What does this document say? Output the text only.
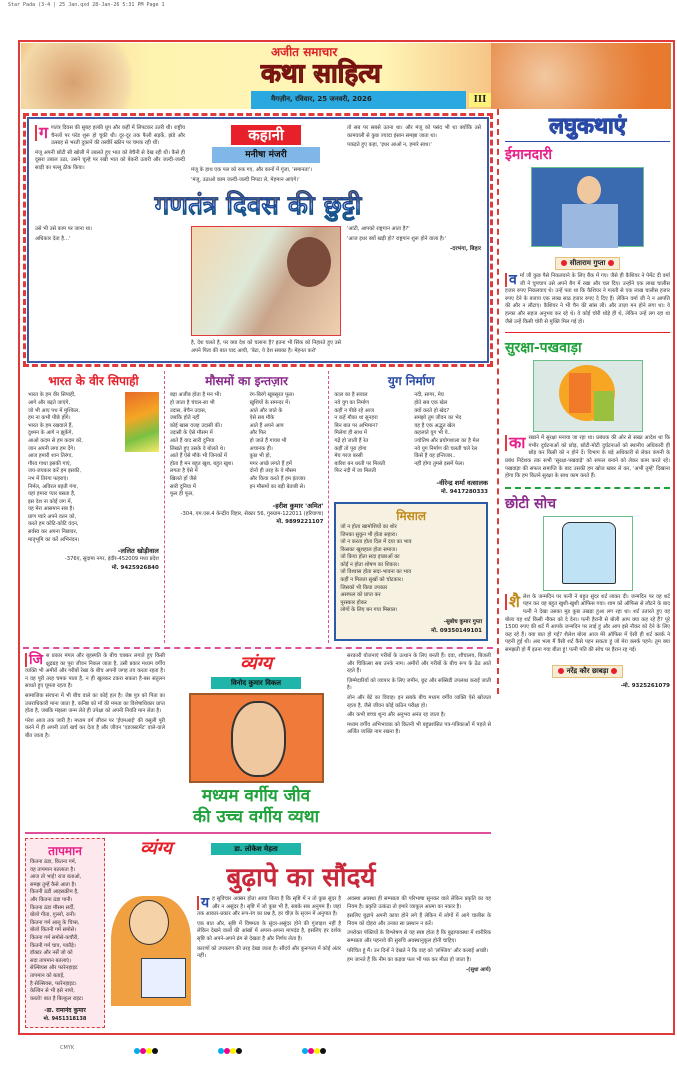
Star Pada (3-4 | 25 Jan.qxd 28-Jan-26 5:31 PM Page 1
अजीत समाचार
कथा साहित्य
मैगज़ीन, रविवार, 25 जनवरी, 2026	III

ग णतंत्र दिवस की सुबह हल्की धूप और कहीं में लिपटकर उतरी थी। राष्ट्रीय चैनलों पर परेड शुरू हो चुकी थी। दूर-दूर तक फैली सड़कें, झंडे और उत्साह से भरती दुकानें की तस्वीरें स्क्रीन पर चमक रही थीं।

मंजू अपनी छोटी सी खोली में उबलते हुए भात को बेचैनी से देख रही थी। कैसे ही दूसरा उबाल उठा, उसने चूल्हे पर रखी भात को बेकरी उतारी और जल्दी-जल्दी साड़ी का पल्लू ठीक किया।

कहानी
मनीषा मंजरी

मंजू के हाथ एक पल को रुक गए, और कानों में गूंजा, 'समानता'।

'मंजू, उठाओ काम जल्दी-जल्दी निपटा ले, मेहमान आएंगे।'

तो सब पर सबसे उतना था। और मंजू को पसंद भी था क्योंकि उसे कामवाली से कुछ ज्यादा इंसान समझा जाता था।

पकड़ते हुए कहा, 'इधर आओ न, हमारे साथ।'

गणतंत्र दिवस की छुट्टी

उसे भी उसे काम पर जाना था।

अधिकार देता है...'

है, देश चलते है, पर क्या देश को चलाना है? इतना भी सिंक को निहारते हुए उसे अपने पिता की बात याद आयी, 'बेटा, ये देश सबका है। मेहनत करो'

'आंटी, आपको राष्ट्रगान आता है?'

'आज इधर क्यों खड़ी हो? राष्ट्रगान शुरू होने वाला है।'

-दरभंगा, बिहार
भारत के वीर सिपाही
भारत के हम वीर सिपाही,
आगे और बढ़ते जाएंगे,
जो भी आए पथ में मुश्किल,
हम ना कभी पीछे होंगे।
भारत के हम रखवाले हैं,
दुश्मन के आगे न झुकेंगे,
आओ कदम से हम कदम को,
जान अपनी लगा हम देंगे।
आज हमारी शान तिरंगा,
गौरव गाथा इसकी गाएं,
जय-जयकार करें हम इसकी,
नभ में तिरंगा फहराएं।
निर्मल, अविरल बहती गंगा,
यहां हमारा प्यार बसता है,
इस देश ना कोई जग में,
यह मेरा आसमान सब है।
प्राण प्यारे अपने वतन को,
करते हम कोटि-कोटि वंदन,
सर्वस्व कर अपना निछावर,
मातृभूमि का करें अभिनंदन।
-ललित खोड़ीवाल
-376ए, सुदामा नगर, इंदौर-452009 मध्य प्रदेश
मो. 9425926840
मौसमों का इन्तज़ार
बड़ा अजीब होता है मन भी।
हो जाता है चंचल-सा भी
उदास, बेचैन उदास,
जबकि होते नहीं
कोई खास वजह उदासी की।
उदासी के ऐसे मौसम में
आते हैं याद सारी दुनिया
लिखते हुए उसके वे बोलते थे।
आते हैं ऐसे मौके भी जिनकों में
होता है मन बहुत खुश, बहुत खुश।
लगता है ऐसे में
खिलते हों जैसे
सारी दुनिया में
फूल ही फूल,
रंग-बिरंगे खूबसूरत फूल।
खुशियों के समन्दर में।
आते और जाते के
ऐसे सब मौके
आते हैं अपने आप
और फिर
हो जाते हैं गायब भी
अचानक ही।
कुछ भी हो,
मगर अच्छे लगते हैं हमें
दोनों ही तरह के ये मौसम
और किया करते हैं हम इंतजार
इन मौसमों का बड़ी बेताबी से।
-हरीश कुमार 'अमित'
-304, एम.एस.4 केन्द्रीय विहार, सेक्टर 56, गुरुग्राम-122011 (हरियाणा)
मो. 9899221107
युग निर्माण
काल का है सवाल
नये युग का निर्माण
कहीं न पीछे रहे आज
न कहें मौका था सुनहरा
बिन बात पर अभिमान?
मिलेगा ही साथ में
गढ़ें हो जाती हैं रेत
कहीं तो पूरा होगा
मेघ गरज बरसी
बारिश बन धरती पर मिलती
फिर नदी में जा मिलती
नदी, सागर, मेघ
होते सब एक खेल
क्यों करते हो खेद?
समझो तुम जीवन का भेद
यह है एक अद्भुत खेल
कहलाते युग भी ये..
ज्योतिष और प्रयोगशाला का है मेल
नये युग निर्माण की चलती चले रेल
किसे है यह इन्तिजार..
नहीं होगा तुमसे इसमें फेल।
-वीरेन्द्र शर्मा वत्सालक
मो. 9417280333
मिसाल
जो न होता खामोशियों का शोर
जिनका सुकून भी होता सहारा।
जो न करता होता दिल में दया का भाव
किसका खुशहाल होता समाज।
जो किया होता सदा इच्छाओं का
कोई न होता शोषण का शिकार।
जो विश्वास होता सदा-भावना का भाव
कहीं न मिलता सुखों को चोटकार।
जिसको भी किया उपकार
असफल को प्राप्त कर
पुरस्कार होकर
लोगों के लिए बन गया मिसाल।
-सुबोध कुमार गुप्ता
मो. 09350149101

जि स प्रकार मंगल और बृहस्पति के बीच चक्कर लगाते हुए किसी क्षुद्रग्रह का पूरा जीवन निकल जाता है, उसी प्रकार मध्यम वर्गीय व्यक्ति भी अमीरों और गरीबों रेखा के बीच अपनी जगह तय करता रहता है। न वह पूरी तरह चमक पाता है, न ही खुलकर टकरा सकता है-बस संतुलन साधते हुए घूमता रहता है।

सामाजिक संरचना में भी बीच वाले का कोई हल है। जेष्ठ पुत्र को पिता का उत्तराधिकारी माना जाता है, कनिष्ठ को माँ की ममता का विशेषाधिकार प्राप्त होता है, जबकि मंझला जन्म लेते ही उपेक्षा को अपनी नियति मान लेता है।

परेश आज तक जारी है। मध्यम वर्ग जीवन पर 'ईएमआई' की वसूली पूरी करने में ही अपनी उर्जा खर्च कर देता है और जीवन 'एडजस्टमेंट' वाले-वाले बीत जाता है।

व्यंग्य
विनोद कुमार विकल
मध्यम वर्गीय जीव
की उच्च वर्गीय व्यथा

सरकारी योजनाएं गरीबों के उत्थान के लिए बनती हैं। दवा, शौचालय, बिजली और चिकित्सा सब उनके नाम। अमीरों और गरीबों के बीच रूप के ठेंठ आते रहते हैं।

ज़िम्मेदारियों को व्यापार के लिए जमीन, छूट और सब्सिडी उपलब्ध कराई जाती है।

लोन और बेटे का विवाह। इन सबके बीच मध्यम वर्गीय व्यक्ति ऐसे खोजता रहता है, जैसे जीवन कोई कठिन परीक्षा हो।

और कभी बच्चा शून्य और अनुभव अनंत रह जाता है।

मध्यम वर्गीय अभिभावक को कितनी भी बहुप्रशंसित पत्र-पत्रिकाओं में पहले से अर्जित व्यक्ति नाम रखना है।

तापमान
कितना ठंडा, कितना गर्म,
यह तापमान बतलाता है।
आज तो भाई! राज बताओ,
समझ तुम्हें कैसे आता है।
कितनी ठंडी आइसक्रीम है,
और कितना ठंडा पानी।
कितना ठंडा मौसम सर्दी,
बोलो गीता, गुल्लो, रानी।
कितना गर्म आलू के चिप्स,
बोलो कितनी गर्म समोसे।
कितना गर्म समोसे-कचौरी,
कितनी गर्म चाय, पकौड़े।
डॉक्टर और नर्सें जो को
सदा तापमान बतलाएं।
सेल्सियस और फारेनहाइट
तापमान को बताई,
है सेल्सियस, फारेनहाइट।
केल्विन से भी इसे नापो,
कब्तो! बात है बिल्कुल राइट।
-डा. रामानंद कुमार
मो. 9451318138
व्यंग्य	डा. लोकेश मेहता
बुढ़ापे का सौंदर्य

य ह सुविचार अक्सर होता आया किया है कि सृष्टि में न तो कुछ सुंदर है और न असुंदर है। सृष्टि में जो कुछ भी है, सबके सब अनुपम हैं। जहां तक आकार-प्रकार और रूप-रंग का प्रश्न है, हर चीज़ के सृजन में अनुपात है।

एक बात और, सृष्टि में विषमता के सुंदर-असुंदर होने की गुंजाइश नहीं है लेकिन देखने वालों की आंखों में अपना-अपना मापदंड है, इसलिए हर दर्शक सृष्टि को अपने-अपने ढंग से देखता है और निर्णय लेता है।

कारणों को उपकरण की तरह देखा जाता है। सौंदर्य और कुरूपता में कोई अंतर नहीं।

अवस्था अवस्था ही सम्पन्नता की परिभाषा सुनकर वाले लेकिन प्रकृति का यह नियम है। प्रकृति उत्कंठा तो हमारे व्याकुल आत्मा का नकार है।

इसलिए बुढ़ापे अपनी काया होने लगे हैं लेकिन में लोगों में आगे चालीस के नियम को दोहरा और उनका सा प्रस्थान न करें।

उपरोक्त पंक्तियों के विश्लेषण से यह स्पष्ट होता है कि बुढ़ापावस्था में शारीरिक सम्पन्नता और पहनावे की सुरुचि अवस्थानुकूल होनी चाहिए।

परिचित हूं मैं। उन दिनों ने देखते ने कि वाहं को 'लफ्जिय' और कलाई अच्छी।

हम जानते हैं कि नीम का कड़वा फल भी पक कर मीठा हो जाता है।

-(सुधा आर्य)

लघुकथाएं
ईमानदारी
सीताराम गुप्ता
व र्मा जी कुछ पैसे निकलवाने के लिए बैंक में गए। जैसे ही कैशियर ने पेमेंट दी वर्मा जी ने चुपचाप उसे अपने बैग में रखा और चल दिए। उन्होंने एक लाख चालीस हजार रुपए निकलवाए थे। उन्हें पता था कि कैशियर ने गलती से एक लाख चालीस हजार रुपए देने के बजाय एक लाख साठ हजार रुपए दे दिए हैं। लेकिन वर्मा जी ने न आपत्ति की और न लौटाए। कैशियर ने भी चैन की सांस ली। और ताज़ा मन होने लगा था। वे हल्का और सहज अनुभव कर रहे थे। वे कोई चोरी थोड़े ही थे, लेकिन उन्हें लग रहा था जैसे उन्हें किसी चोरी से मुक्ति मिल गई हो।
सुरक्षा-पखवाड़ा
का रखाने में सुरक्षा मनाया जा रहा था। प्रबंधक की ओर से सख्त आदेश था कि गंभीर दुर्घटनाओं को छोड़, छोटी-मोटी दुर्घटनाओं को स्थानीय अधिकारी ही छोड़ कर किसी को न होने दें। विभाग के बड़े अधिकारी से लेकर कंपनी के प्रबंध निदेशक तक सभी 'सुरक्षा-पखवाड़े' को सफल बनाने को लेकर काम करते रहे। पखवाड़ा की सफल समाप्ति के बाद उसकी हम खोज खबर ले कर, 'अभी तुम्हें' दिखाना होगा कि हम कितने सुरक्षा के साथ काम करते हैं।
छोटी सोच
शै लेश के जन्मदिन पर पत्नी ने बहुत सुंदर शर्ट लाकर दी। जन्मदिन पर वह शर्ट पहन कर वह बहुत खुशी-खुशी ऑफिस गया। शाम को ऑफिस से लौटने के बाद पत्नी ने देखा उसका मूड कुछ उखड़ा हुआ लग रहा था। शर्ट उतारते हुए वह बोला यह शर्ट किसी नौकर को दे देना। पत्नी हैरानी से बोली आप क्या कह रहे हैं? पूरे 1500 रुपए की शर्ट मैं आपके जन्मदिन पर लाई हूं और आप इसे नौकर को देने के लिए कह रहे हैं। क्या बात हो गई? शैलेश बोला आज मेरे ऑफिस में ऐसी ही शर्ट क्लर्क ने पहनी हुई थी। अब भला मैं वैसी शर्ट कैसे पहन सकता हूं जो मेरा क्लर्क पहने। तुम क्या समझती हो मैं इतना गया बीता हूं! पत्नी पति की सोच पर हैरान रह गई।
नरेंद्र कौर छाबड़ा
-मो. 9325261079
CMYK
